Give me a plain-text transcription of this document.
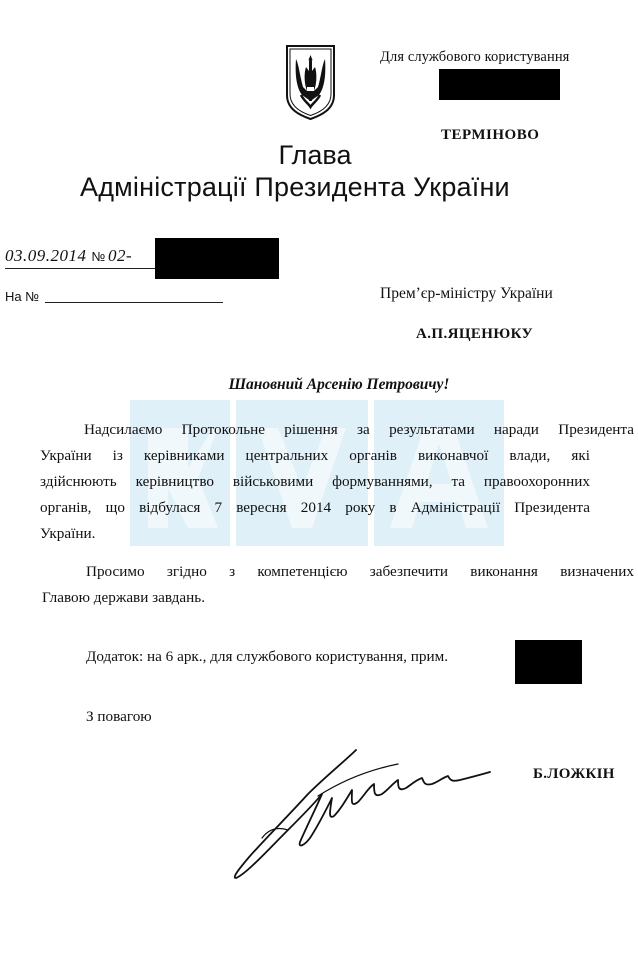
Для службового користування
ТЕРМІНОВО
Глава
Адміністрації Президента України
03.09.2014 № 02-
На №	Прем’єр-міністру України
А.П.ЯЦЕНЮКУ
Шановний Арсенію Петровичу!
Надсилаємо Протокольне рішення за результатами наради Президента
України із керівниками центральних органів виконавчої влади, які
здійснюють керівництво військовими формуваннями, та правоохоронних
органів, що відбулася 7 вересня 2014 року в Адміністрації Президента
України.
Просимо згідно з компетенцією забезпечити виконання визначених
Главою держави завдань.
Додаток: на 6 арк., для службового користування, прим.
З повагою
Б.ЛОЖКІН
